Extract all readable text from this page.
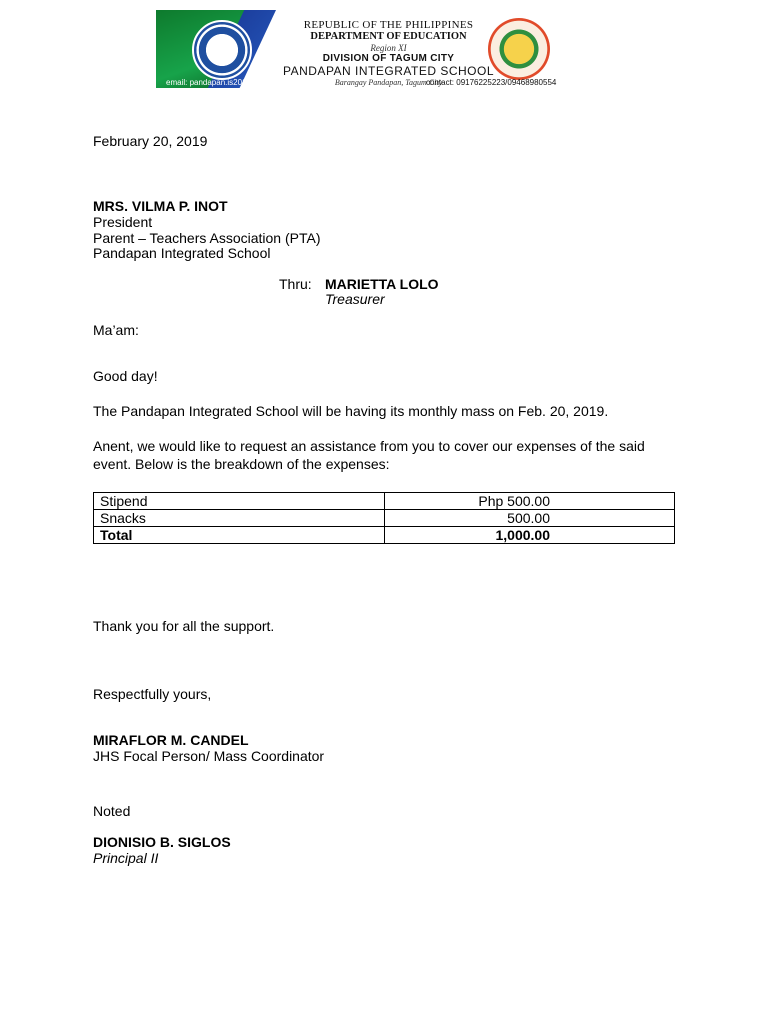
REPUBLIC OF THE PHILIPPINES
DEPARTMENT OF EDUCATION
Region XI
DIVISION OF TAGUM CITY
PANDAPAN INTEGRATED SCHOOL
Barangay Pandapan, Tagum City
email: pandapan.is2015@gmail.com	contact: 09176225223/09468980554
February 20, 2019
MRS. VILMA P. INOT
President
Parent – Teachers Association (PTA)
Pandapan Integrated School
Thru: MARIETTA LOLO
Treasurer
Ma’am:
Good day!
The Pandapan Integrated School will be having its monthly mass on Feb. 20, 2019.
Anent, we would like to request an assistance from you to cover our expenses of the said
event. Below is the breakdown of the expenses:
Stipend	Php 500.00
Snacks	500.00
Total	1,000.00
Thank you for all the support.
Respectfully yours,
MIRAFLOR M. CANDEL
JHS Focal Person/ Mass Coordinator
Noted
DIONISIO B. SIGLOS
Principal II
